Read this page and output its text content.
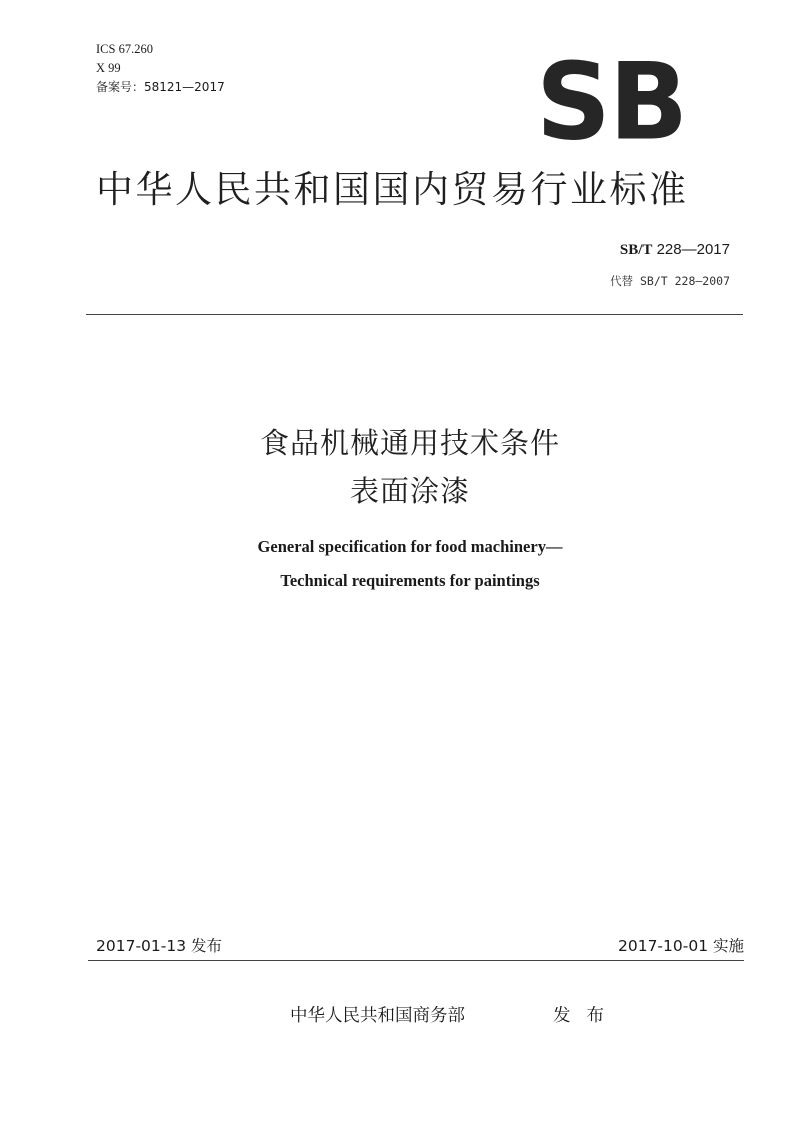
ICS 67.260
X 99
备案号：58121—2017	SB
中华人民共和国国内贸易行业标准
SB/T 228—2017
代替 SB/T 228—2007
食品机械通用技术条件
表面涂漆
General specification for food machinery—
Technical requirements for paintings
2017-01-13 发布	2017-10-01 实施
中华人民共和国商务部	发布
